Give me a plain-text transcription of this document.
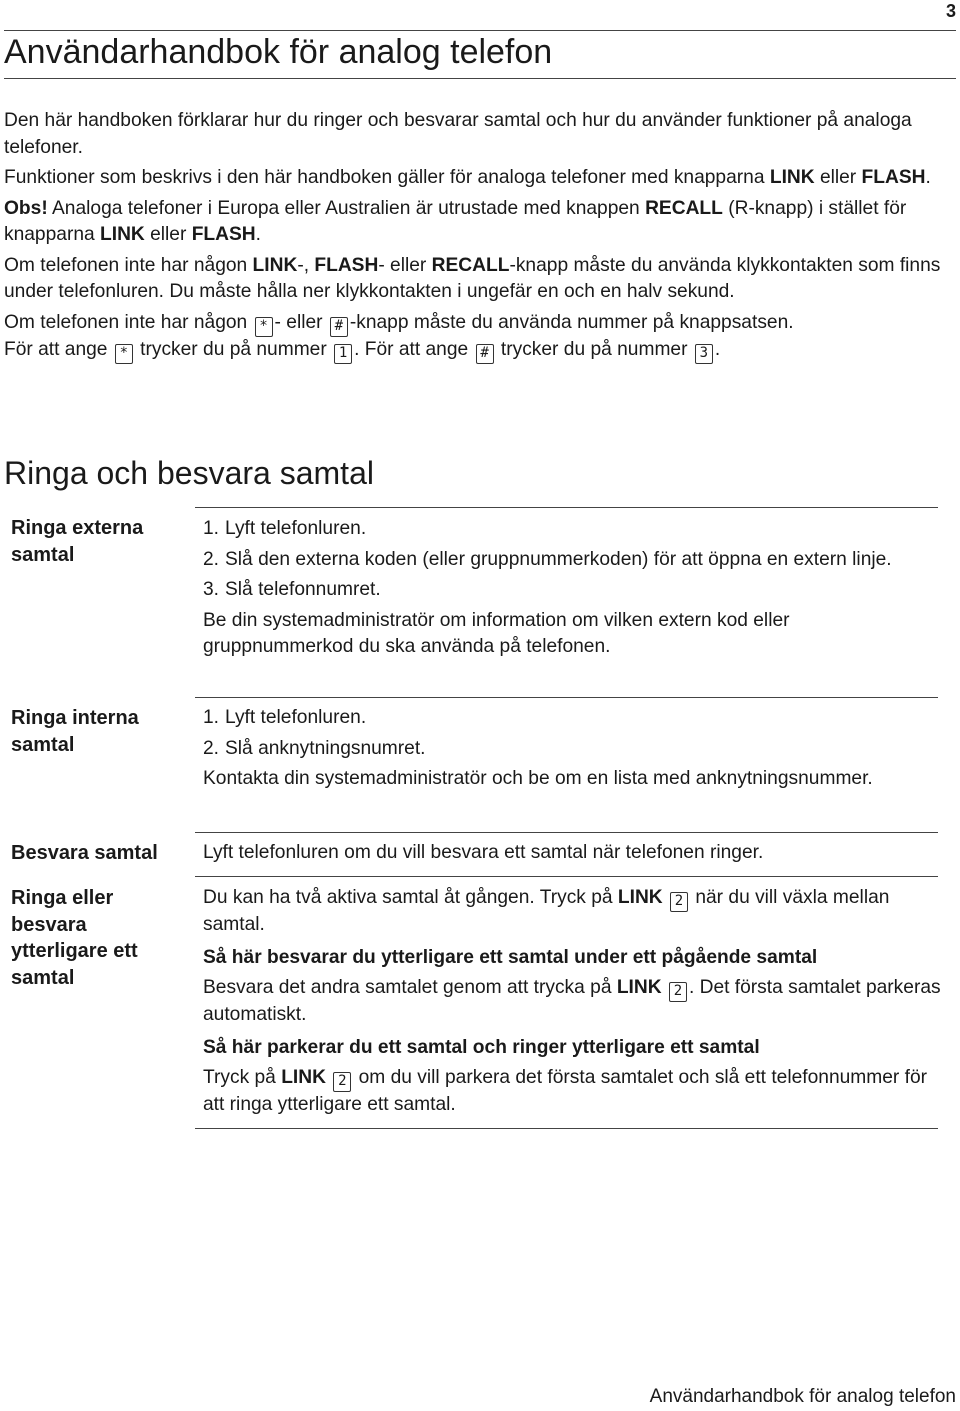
3
Användarhandbok för analog telefon

Den här handboken förklarar hur du ringer och besvarar samtal och hur du använder funktioner på analoga telefoner.

Funktioner som beskrivs i den här handboken gäller för analoga telefoner med knapparna LINK eller FLASH.

Obs! Analoga telefoner i Europa eller Australien är utrustade med knappen RECALL (R-knapp) i stället för knapparna LINK eller FLASH.

Om telefonen inte har någon LINK-, FLASH- eller RECALL-knapp måste du använda klykkontakten som finns under telefonluren. Du måste hålla ner klykkontakten i ungefär en och en halv sekund.

Om telefonen inte har någon * - eller # -knapp måste du använda nummer på knappsatsen.

För att ange * trycker du på nummer 1 . För att ange # trycker du på nummer 3 .

Ringa och besvara samtal
Ringa externa samtal
1. Lyft telefonluren.
2. Slå den externa koden (eller gruppnummerkoden) för att öppna en extern linje.
3. Slå telefonnumret.

Be din systemadministratör om information om vilken extern kod eller gruppnummerkod du ska använda på telefonen.

Ringa interna samtal
1. Lyft telefonluren.
2. Slå anknytningsnumret.

Kontakta din systemadministratör och be om en lista med anknytningsnummer.

Besvara samtal	Lyft telefonluren om du vill besvara ett samtal när telefonen ringer.

Ringa eller besvara ytterligare ett samtal

Du kan ha två aktiva samtal åt gången. Tryck på LINK 2 när du vill växla mellan samtal.

Så här besvarar du ytterligare ett samtal under ett pågående samtal

Besvara det andra samtalet genom att trycka på LINK 2 . Det första samtalet parkeras automatiskt.

Så här parkerar du ett samtal och ringer ytterligare ett samtal

Tryck på LINK 2 om du vill parkera det första samtalet och slå ett telefonnummer för att ringa ytterligare ett samtal.

Användarhandbok för analog telefon
